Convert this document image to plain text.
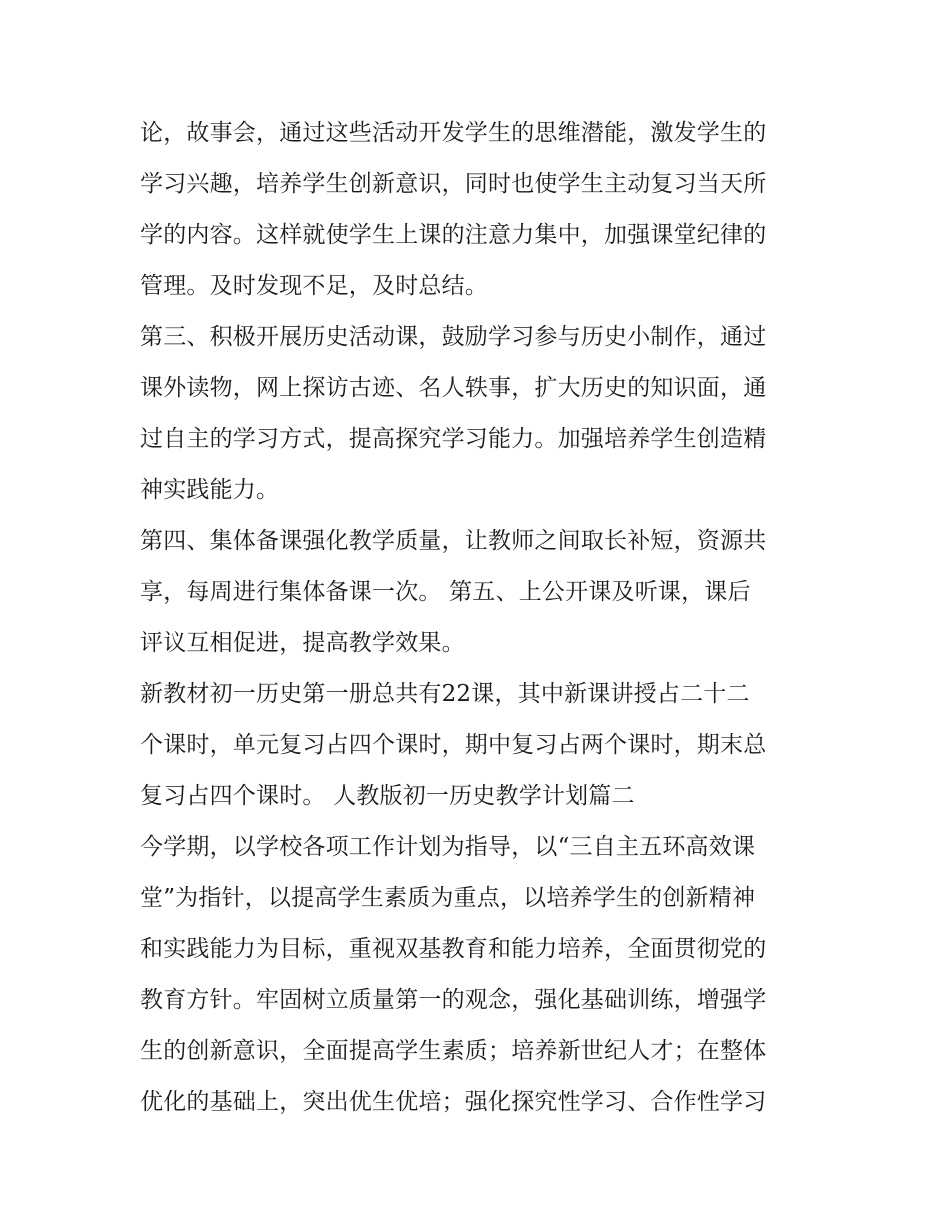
论，故事会，通过这些活动开发学生的思维潜能，激发学生的
学习兴趣，培养学生创新意识，同时也使学生主动复习当天所
学的内容。这样就使学生上课的注意力集中，加强课堂纪律的
管理。及时发现不足，及时总结。
第三、积极开展历史活动课，鼓励学习参与历史小制作，通过
课外读物，网上探访古迹、名人轶事，扩大历史的知识面，通
过自主的学习方式，提高探究学习能力。加强培养学生创造精
神实践能力。
第四、集体备课强化教学质量，让教师之间取长补短，资源共
享，每周进行集体备课一次。 第五、上公开课及听课，课后
评议互相促进，提高教学效果。
新教材初一历史第一册总共有22课，其中新课讲授占二十二
个课时，单元复习占四个课时，期中复习占两个课时，期末总
复习占四个课时。 人教版初一历史教学计划篇二
今学期，以学校各项工作计划为指导，以“三自主五环高效课
堂”为指针，以提高学生素质为重点，以培养学生的创新精神
和实践能力为目标，重视双基教育和能力培养，全面贯彻党的
教育方针。牢固树立质量第一的观念，强化基础训练，增强学
生的创新意识，全面提高学生素质；培养新世纪人才；在整体
优化的基础上，突出优生优培；强化探究性学习、合作性学习
